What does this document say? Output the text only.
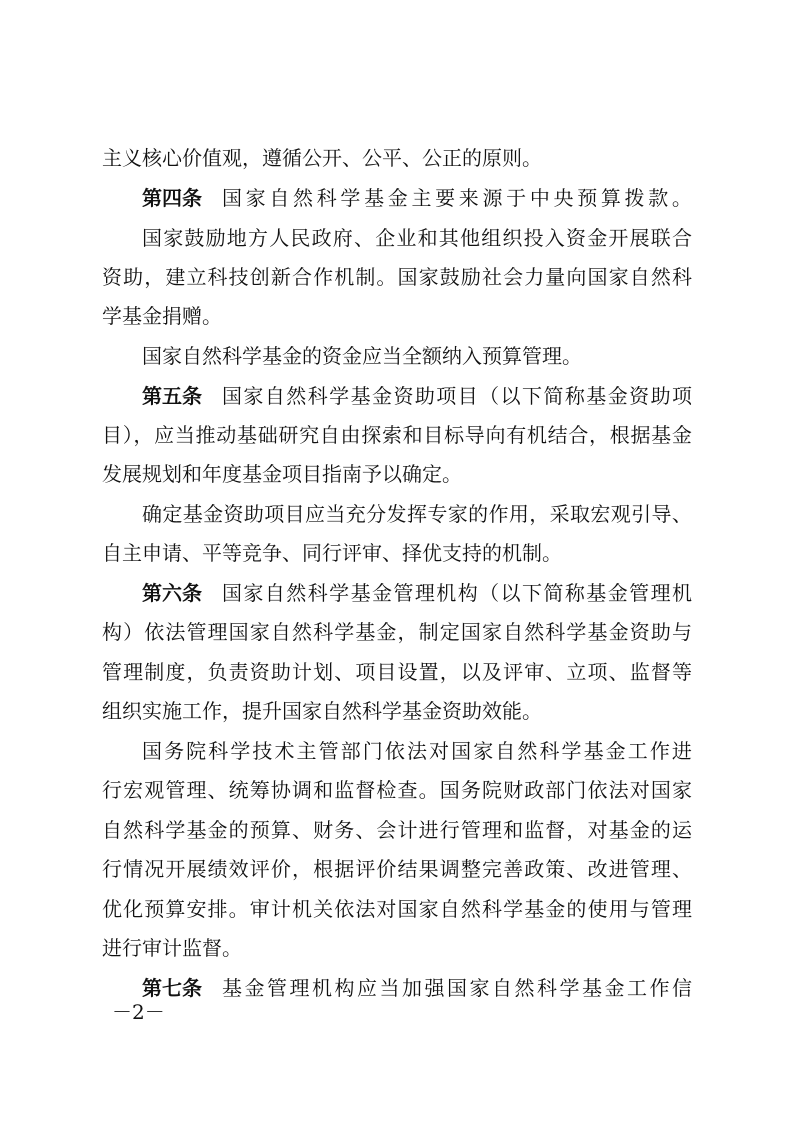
主义核心价值观，遵循公开、公平、公正的原则。
第四条 国家自然科学基金主要来源于中央预算拨款。
国家鼓励地方人民政府、企业和其他组织投入资金开展联合
资助，建立科技创新合作机制。国家鼓励社会力量向国家自然科
学基金捐赠。
国家自然科学基金的资金应当全额纳入预算管理。
第五条 国家自然科学基金资助项目（以下简称基金资助项
目），应当推动基础研究自由探索和目标导向有机结合，根据基金
发展规划和年度基金项目指南予以确定。
确定基金资助项目应当充分发挥专家的作用，采取宏观引导、
自主申请、平等竞争、同行评审、择优支持的机制。
第六条 国家自然科学基金管理机构（以下简称基金管理机
构）依法管理国家自然科学基金，制定国家自然科学基金资助与
管理制度，负责资助计划、项目设置，以及评审、立项、监督等
组织实施工作，提升国家自然科学基金资助效能。
国务院科学技术主管部门依法对国家自然科学基金工作进
行宏观管理、统筹协调和监督检查。国务院财政部门依法对国家
自然科学基金的预算、财务、会计进行管理和监督，对基金的运
行情况开展绩效评价，根据评价结果调整完善政策、改进管理、
优化预算安排。审计机关依法对国家自然科学基金的使用与管理
进行审计监督。
第七条 基金管理机构应当加强国家自然科学基金工作信
－2－
